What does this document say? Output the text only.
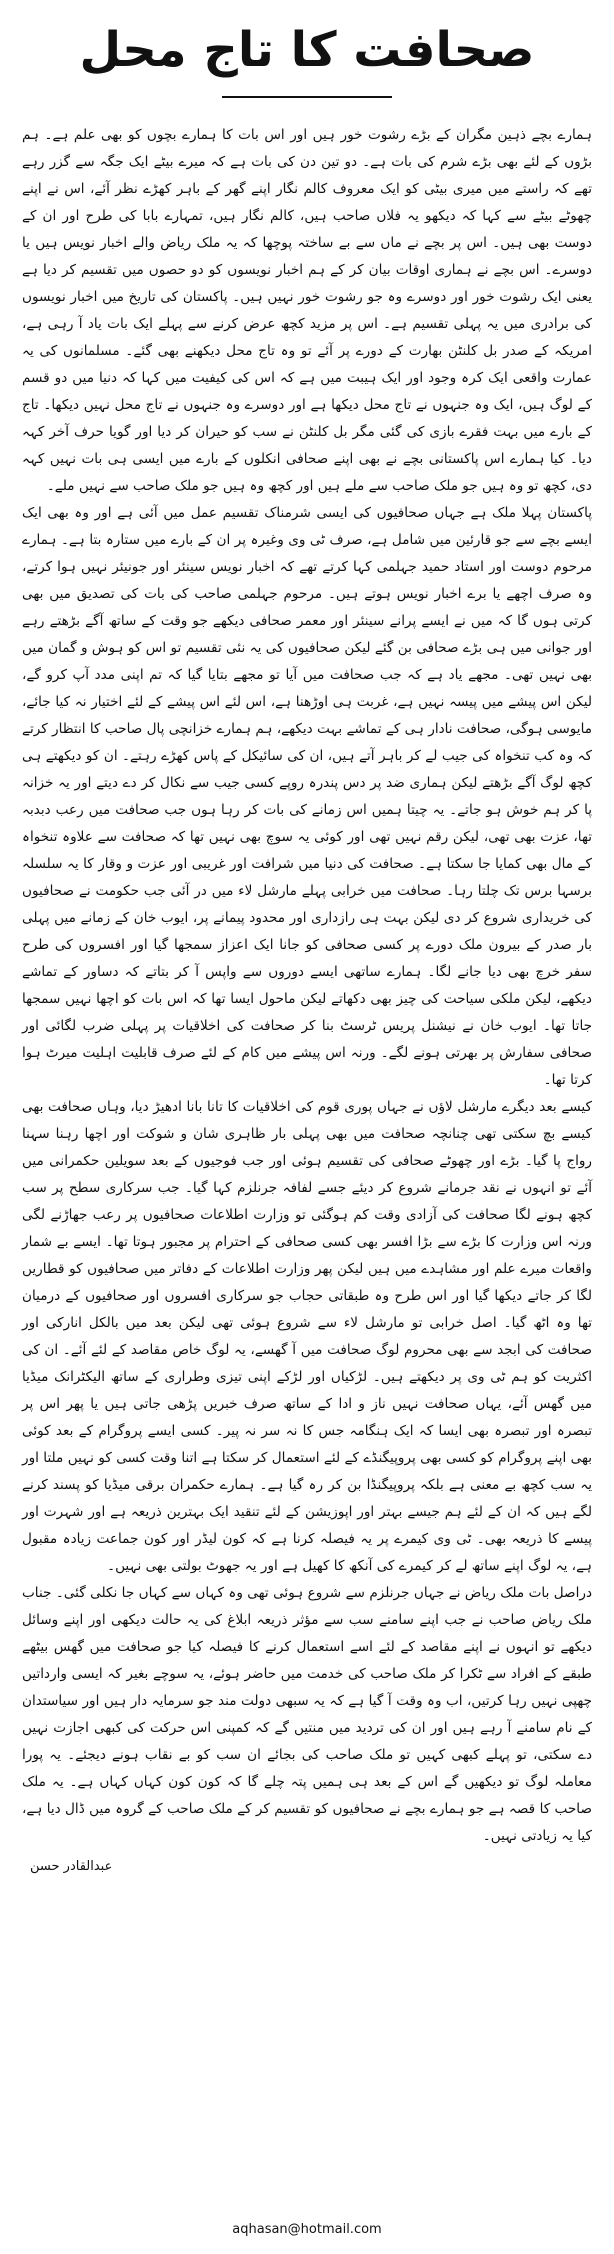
صحافت کا تاج محل

ہمارے بچے ذہین مگران کے بڑے رشوت خور ہیں اور اس بات کا ہمارے بچوں کو بھی علم ہے۔ ہم بڑوں کے لئے بھی بڑے شرم کی بات ہے۔ دو تین دن کی بات ہے کہ میرے بیٹے ایک جگہ سے گزر رہے تھے کہ راستے میں میری بیٹی کو ایک معروف کالم نگار اپنے گھر کے باہر کھڑے نظر آئے، اس نے اپنے چھوٹے بیٹے سے کہا کہ دیکھو یہ فلاں صاحب ہیں، کالم نگار ہیں، تمہارے بابا کی طرح اور ان کے دوست بھی ہیں۔ اس پر بچے نے ماں سے بے ساختہ پوچھا کہ یہ ملک ریاض والے اخبار نویس ہیں یا دوسرے۔ اس بچے نے ہماری اوقات بیان کر کے ہم اخبار نویسوں کو دو حصوں میں تقسیم کر دیا ہے یعنی ایک رشوت خور اور دوسرے وہ جو رشوت خور نہیں ہیں۔ پاکستان کی تاریخ میں اخبار نویسوں کی برادری میں یہ پہلی تقسیم ہے۔ اس پر مزید کچھ عرض کرنے سے پہلے ایک بات یاد آ رہی ہے، امریکہ کے صدر بل کلنٹن بھارت کے دورے پر آئے تو وہ تاج محل دیکھنے بھی گئے۔ مسلمانوں کی یہ عمارت واقعی ایک کرہ وجود اور ایک ہیبت میں ہے کہ اس کی کیفیت میں کہا کہ دنیا میں دو قسم کے لوگ ہیں، ایک وہ جنہوں نے تاج محل دیکھا ہے اور دوسرے وہ جنہوں نے تاج محل نہیں دیکھا۔ تاج کے بارے میں بہت فقرے بازی کی گئی مگر بل کلنٹن نے سب کو حیران کر دیا اور گویا حرف آخر کہہ دیا۔ کیا ہمارے اس پاکستانی بچے نے بھی اپنے صحافی انکلوں کے بارے میں ایسی ہی بات نہیں کہہ دی، کچھ تو وہ ہیں جو ملک صاحب سے ملے ہیں اور کچھ وہ ہیں جو ملک صاحب سے نہیں ملے۔

پاکستان پہلا ملک ہے جہاں صحافیوں کی ایسی شرمناک تقسیم عمل میں آئی ہے اور وہ بھی ایک ایسے بچے سے جو قارئین میں شامل ہے، صرف ٹی وی وغیرہ پر ان کے بارے میں ستارہ بتا ہے۔ ہمارے مرحوم دوست اور استاد حمید جہلمی کہا کرتے تھے کہ اخبار نویس سینئر اور جونیئر نہیں ہوا کرتے، وہ صرف اچھے یا برے اخبار نویس ہوتے ہیں۔ مرحوم جہلمی صاحب کی بات کی تصدیق میں بھی کرتی ہوں گا کہ میں نے ایسے پرانے سینئر اور معمر صحافی دیکھے جو وقت کے ساتھ آگے بڑھتے رہے اور جوانی میں ہی بڑے صحافی بن گئے لیکن صحافیوں کی یہ نئی تقسیم تو اس کو ہوش و گمان میں بھی نہیں تھی۔ مجھے یاد ہے کہ جب صحافت میں آیا تو مجھے بتایا گیا کہ تم اپنی مدد آپ کرو گے، لیکن اس پیشے میں پیسہ نہیں ہے، غربت ہی اوڑھنا ہے، اس لئے اس پیشے کے لئے اختیار نہ کیا جائے، مایوسی ہوگی، صحافت نادار ہی کے تماشے بہت دیکھے، ہم ہمارے خزانچی پال صاحب کا انتظار کرتے کہ وہ کب تنخواہ کی جیب لے کر باہر آتے ہیں، ان کی سائیکل کے پاس کھڑے رہتے۔ ان کو دیکھتے ہی کچھ لوگ آگے بڑھتے لیکن ہماری ضد پر دس پندرہ روپے کسی جیب سے نکال کر دے دیتے اور یہ خزانہ پا کر ہم خوش ہو جاتے۔ یہ چیتا ہمیں اس زمانے کی بات کر رہا ہوں جب صحافت میں رعب دبدبہ تھا، عزت بھی تھی، لیکن رقم نہیں تھی اور کوئی یہ سوچ بھی نہیں تھا کہ صحافت سے علاوہ تنخواہ کے مال بھی کمایا جا سکتا ہے۔ صحافت کی دنیا میں شرافت اور غریبی اور عزت و وقار کا یہ سلسلہ برسہا برس تک چلتا رہا۔ صحافت میں خرابی پہلے مارشل لاء میں در آئی جب حکومت نے صحافیوں کی خریداری شروع کر دی لیکن بہت ہی رازداری اور محدود پیمانے پر، ایوب خان کے زمانے میں پہلی بار صدر کے بیرون ملک دورے پر کسی صحافی کو جانا ایک اعزاز سمجھا گیا اور افسروں کی طرح سفر خرچ بھی دیا جانے لگا۔ ہمارے ساتھی ایسے دوروں سے واپس آ کر بتاتے کہ دساور کے تماشے دیکھے، لیکن ملکی سیاحت کی چیز بھی دکھاتے لیکن ماحول ایسا تھا کہ اس بات کو اچھا نہیں سمجھا جاتا تھا۔ ایوب خان نے نیشنل پریس ٹرسٹ بنا کر صحافت کی اخلاقیات پر پہلی ضرب لگائی اور صحافی سفارش پر بھرتی ہونے لگے۔ ورنہ اس پیشے میں کام کے لئے صرف قابلیت اہلیت میرٹ ہوا کرتا تھا۔

کیسے بعد دیگرے مارشل لاؤں نے جہاں پوری قوم کی اخلاقیات کا تانا بانا ادھیڑ دیا، وہاں صحافت بھی کیسے بچ سکتی تھی چنانچہ صحافت میں بھی پہلی بار ظاہری شان و شوکت اور اچھا رہنا سہنا رواج پا گیا۔ بڑے اور چھوٹے صحافی کی تقسیم ہوئی اور جب فوجیوں کے بعد سویلین حکمرانی میں آئے تو انہوں نے نقد جرمانے شروع کر دیئے جسے لفافہ جرنلزم کہا گیا۔ جب سرکاری سطح پر سب کچھ ہونے لگا صحافت کی آزادی وقت کم ہوگئی تو وزارت اطلاعات صحافیوں پر رعب جھاڑنے لگی ورنہ اس وزارت کا بڑے سے بڑا افسر بھی کسی صحافی کے احترام پر مجبور ہوتا تھا۔ ایسے بے شمار واقعات میرے علم اور مشاہدے میں ہیں لیکن پھر وزارت اطلاعات کے دفاتر میں صحافیوں کو قطاریں لگا کر جاتے دیکھا گیا اور اس طرح وہ طبقاتی حجاب جو سرکاری افسروں اور صحافیوں کے درمیان تھا وہ اٹھ گیا۔ اصل خرابی تو مارشل لاء سے شروع ہوئی تھی لیکن بعد میں بالکل انارکی اور صحافت کی ابجد سے بھی محروم لوگ صحافت میں آ گھسے، یہ لوگ خاص مقاصد کے لئے آئے۔ ان کی اکثریت کو ہم ٹی وی پر دیکھتے ہیں۔ لڑکیاں اور لڑکے اپنی تیزی وطراری کے ساتھ الیکٹرانک میڈیا میں گھس آئے، یہاں صحافت نہیں ناز و ادا کے ساتھ صرف خبریں پڑھی جاتی ہیں یا پھر اس پر تبصرہ اور تبصرہ بھی ایسا کہ ایک ہنگامہ جس کا نہ سر نہ پیر۔ کسی ایسے پروگرام کے بعد کوئی بھی اپنے پروگرام کو کسی بھی پروپیگنڈے کے لئے استعمال کر سکتا ہے اتنا وقت کسی کو نہیں ملتا اور یہ سب کچھ بے معنی ہے بلکہ پروپیگنڈا بن کر رہ گیا ہے۔ ہمارے حکمران برقی میڈیا کو پسند کرنے لگے ہیں کہ ان کے لئے ہم جیسے بہتر اور اپوزیشن کے لئے تنقید ایک بہترین ذریعہ ہے اور شہرت اور پیسے کا ذریعہ بھی۔ ٹی وی کیمرے پر یہ فیصلہ کرنا ہے کہ کون لیڈر اور کون جماعت زیادہ مقبول ہے، یہ لوگ اپنے ساتھ لے کر کیمرے کی آنکھ کا کھیل ہے اور یہ جھوٹ بولتی بھی نہیں۔

دراصل بات ملک ریاض نے جہاں جرنلزم سے شروع ہوئی تھی وہ کہاں سے کہاں جا نکلی گئی۔ جناب ملک ریاض صاحب نے جب اپنے سامنے سب سے مؤثر ذریعہ ابلاغ کی یہ حالت دیکھی اور اپنے وسائل دیکھے تو انہوں نے اپنے مقاصد کے لئے اسے استعمال کرنے کا فیصلہ کیا جو صحافت میں گھس بیٹھے طبقے کے افراد سے ٹکرا کر ملک صاحب کی خدمت میں حاضر ہوئے، یہ سوچے بغیر کہ ایسی وارداتیں چھپی نہیں رہا کرتیں، اب وہ وقت آ گیا ہے کہ یہ سبھی دولت مند جو سرمایہ دار ہیں اور سیاستدان کے نام سامنے آ رہے ہیں اور ان کی تردید میں منتیں گے کہ کمپنی اس حرکت کی کبھی اجازت نہیں دے سکتی، تو پہلے کبھی کہیں تو ملک صاحب کی بجائے ان سب کو بے نقاب ہونے دیجئے۔ یہ پورا معاملہ لوگ تو دیکھیں گے اس کے بعد ہی ہمیں پتہ چلے گا کہ کون کون کہاں کہاں ہے۔ یہ ملک صاحب کا قصہ ہے جو ہمارے بچے نے صحافیوں کو تقسیم کر کے ملک صاحب کے گروہ میں ڈال دیا ہے، کیا یہ زیادتی نہیں۔

عبدالقادر حسن
aqhasan@hotmail.com
